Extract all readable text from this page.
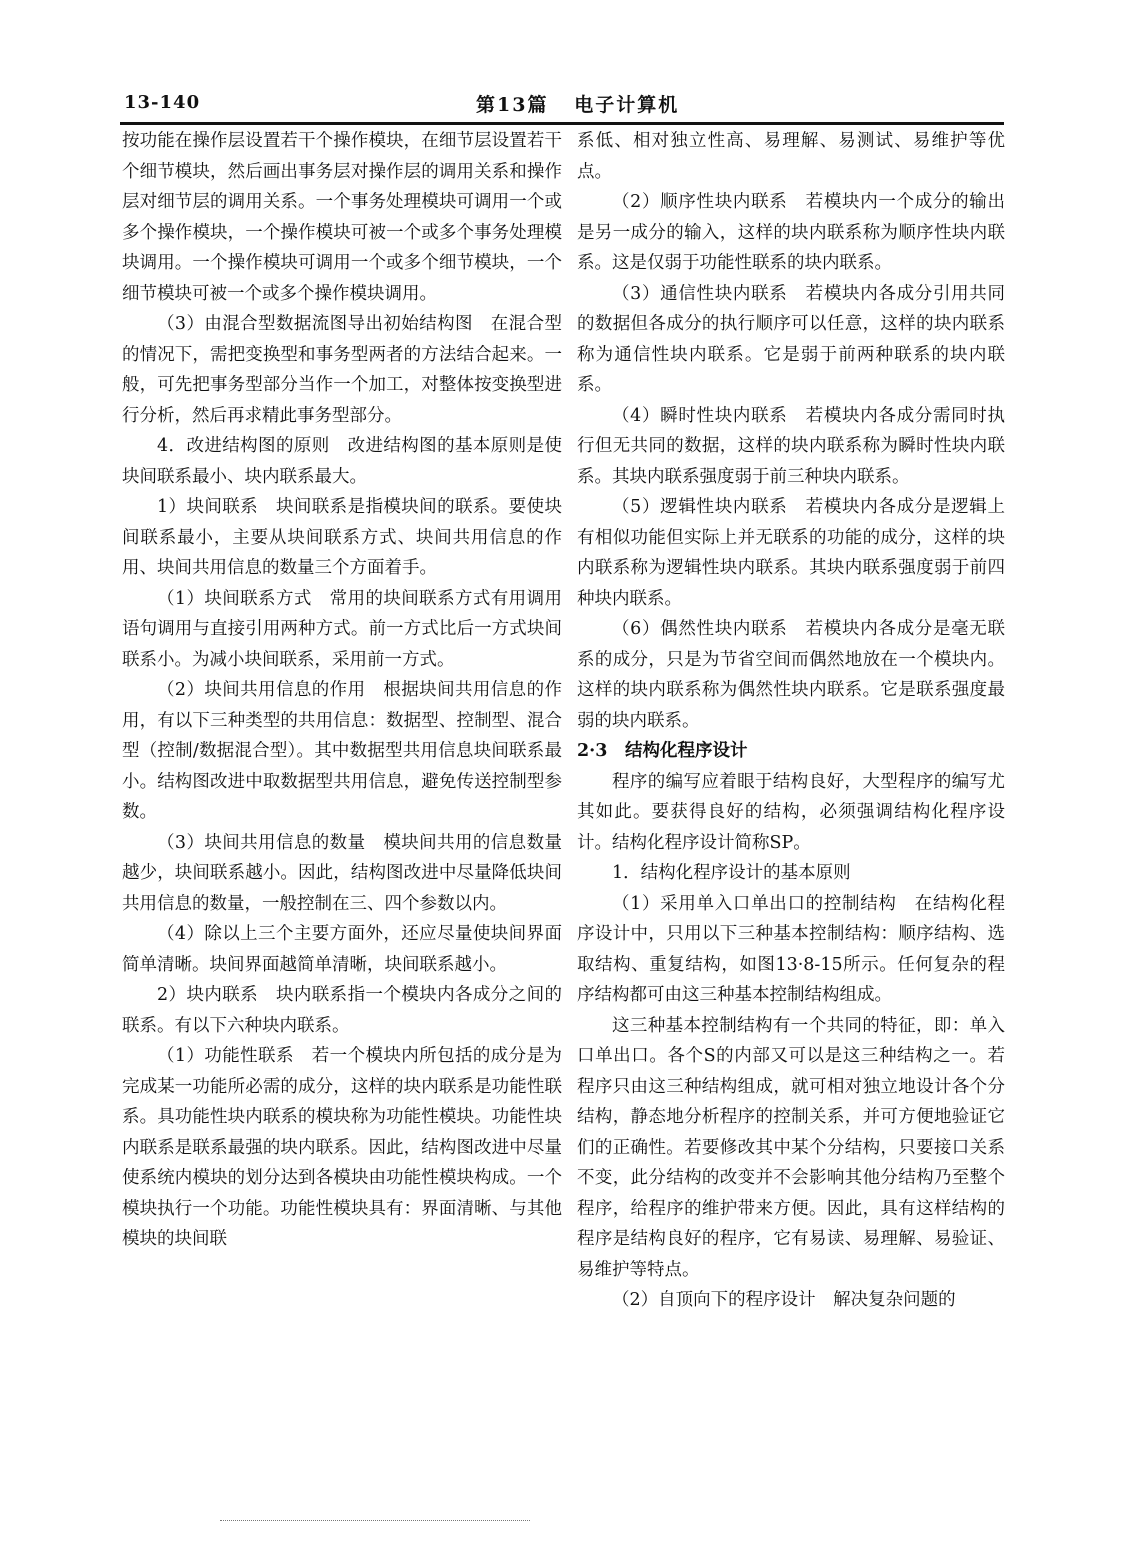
13-140	第13篇   电子计算机

按功能在操作层设置若干个操作模块，在细节层设置若干个细节模块，然后画出事务层对操作层的调用关系和操作层对细节层的调用关系。一个事务处理模块可调用一个或多个操作模块，一个操作模块可被一个或多个事务处理模块调用。一个操作模块可调用一个或多个细节模块，一个细节模块可被一个或多个操作模块调用。

（3）由混合型数据流图导出初始结构图　在混合型的情况下，需把变换型和事务型两者的方法结合起来。一般，可先把事务型部分当作一个加工，对整体按变换型进行分析，然后再求精此事务型部分。

4．改进结构图的原则　改进结构图的基本原则是使块间联系最小、块内联系最大。

1）块间联系　块间联系是指模块间的联系。要使块间联系最小，主要从块间联系方式、块间共用信息的作用、块间共用信息的数量三个方面着手。

（1）块间联系方式　常用的块间联系方式有用调用语句调用与直接引用两种方式。前一方式比后一方式块间联系小。为减小块间联系，采用前一方式。

（2）块间共用信息的作用　根据块间共用信息的作用，有以下三种类型的共用信息：数据型、控制型、混合型（控制/数据混合型）。其中数据型共用信息块间联系最小。结构图改进中取数据型共用信息，避免传送控制型参数。

（3）块间共用信息的数量　模块间共用的信息数量越少，块间联系越小。因此，结构图改进中尽量降低块间共用信息的数量，一般控制在三、四个参数以内。

（4）除以上三个主要方面外，还应尽量使块间界面简单清晰。块间界面越简单清晰，块间联系越小。

2）块内联系　块内联系指一个模块内各成分之间的联系。有以下六种块内联系。

（1）功能性联系　若一个模块内所包括的成分是为完成某一功能所必需的成分，这样的块内联系是功能性联系。具功能性块内联系的模块称为功能性模块。功能性块内联系是联系最强的块内联系。因此，结构图改进中尽量使系统内模块的划分达到各模块由功能性模块构成。一个模块执行一个功能。功能性模块具有：界面清晰、与其他模块的块间联

系低、相对独立性高、易理解、易测试、易维护等优点。

（2）顺序性块内联系　若模块内一个成分的输出是另一成分的输入，这样的块内联系称为顺序性块内联系。这是仅弱于功能性联系的块内联系。

（3）通信性块内联系　若模块内各成分引用共同的数据但各成分的执行顺序可以任意，这样的块内联系称为通信性块内联系。它是弱于前两种联系的块内联系。

（4）瞬时性块内联系　若模块内各成分需同时执行但无共同的数据，这样的块内联系称为瞬时性块内联系。其块内联系强度弱于前三种块内联系。

（5）逻辑性块内联系　若模块内各成分是逻辑上有相似功能但实际上并无联系的功能的成分，这样的块内联系称为逻辑性块内联系。其块内联系强度弱于前四种块内联系。

（6）偶然性块内联系　若模块内各成分是毫无联系的成分，只是为节省空间而偶然地放在一个模块内。这样的块内联系称为偶然性块内联系。它是联系强度最弱的块内联系。

2·3　结构化程序设计

程序的编写应着眼于结构良好，大型程序的编写尤其如此。要获得良好的结构，必须强调结构化程序设计。结构化程序设计简称SP。

1．结构化程序设计的基本原则

（1）采用单入口单出口的控制结构　在结构化程序设计中，只用以下三种基本控制结构：顺序结构、选取结构、重复结构，如图13·8-15所示。任何复杂的程序结构都可由这三种基本控制结构组成。

这三种基本控制结构有一个共同的特征，即：单入口单出口。各个S的内部又可以是这三种结构之一。若程序只由这三种结构组成，就可相对独立地设计各个分结构，静态地分析程序的控制关系，并可方便地验证它们的正确性。若要修改其中某个分结构，只要接口关系不变，此分结构的改变并不会影响其他分结构乃至整个程序，给程序的维护带来方便。因此，具有这样结构的程序是结构良好的程序，它有易读、易理解、易验证、易维护等特点。

（2）自顶向下的程序设计　解决复杂问题的
